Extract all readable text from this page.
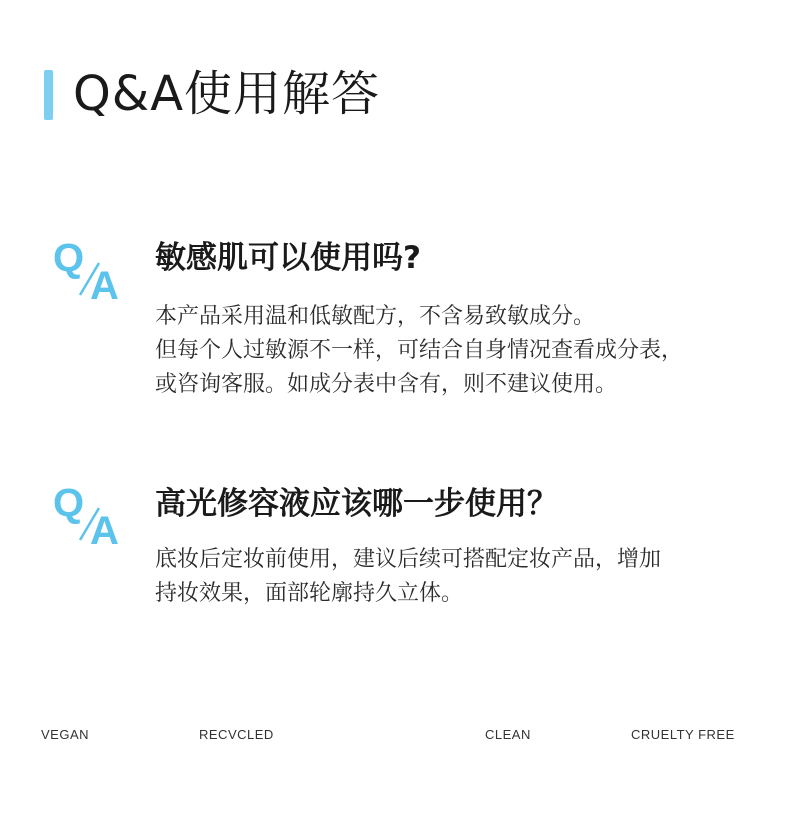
Q&A使用解答
Q
A
敏感肌可以使用吗?

本产品采用温和低敏配方，不含易致敏成分。
但每个人过敏源不一样，可结合自身情况查看成分表，
或咨询客服。如成分表中含有，则不建议使用。

Q
A
高光修容液应该哪一步使用？

底妆后定妆前使用，建议后续可搭配定妆产品，增加
持妆效果，面部轮廓持久立体。

VEGAN	RECVCLED	CLEAN	CRUELTY FREE
